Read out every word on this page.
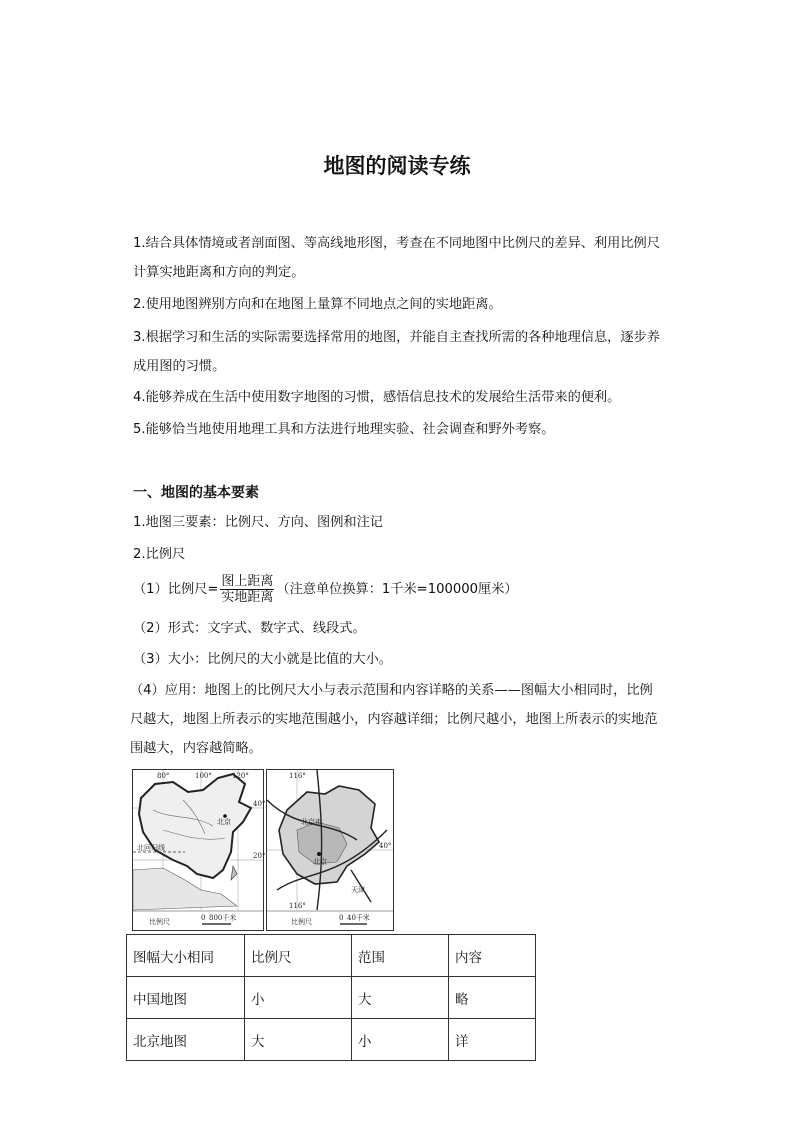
地图的阅读专练
1.结合具体情境或者剖面图、等高线地形图，考查在不同地图中比例尺的差异、利用比例尺计算实地距离和方向的判定。
2.使用地图辨别方向和在地图上量算不同地点之间的实地距离。
3.根据学习和生活的实际需要选择常用的地图，并能自主查找所需的各种地理信息，逐步养成用图的习惯。
4.能够养成在生活中使用数字地图的习惯，感悟信息技术的发展给生活带来的便利。
5.能够恰当地使用地理工具和方法进行地理实验、社会调查和野外考察。
一、地图的基本要素
1.地图三要素：比例尺、方向、图例和注记
2.比例尺
（1）比例尺= $\frac{\text{图上距离}}{\text{实地距离}}$ （注意单位换算：1千米=100000厘米）
（2）形式：文字式、数字式、线段式。
（3）大小：比例尺的大小就是比值的大小。
（4）应用：地图上的比例尺大小与表示范围和内容详略的关系——图幅大小相同时，比例尺越大，地图上所表示的实地范围越小，内容越详细；比例尺越小，地图上所表示的实地范围越大，内容越简略。
80°	100°	120°
40°
20°
北京
北回归线
比例尺	0 800千米
116°
40°
北京市
北京
天津
116°
比例尺	0 40千米
图幅大小相同	比例尺	范围	内容
中国地图	小	大	略
北京地图	大	小	详
